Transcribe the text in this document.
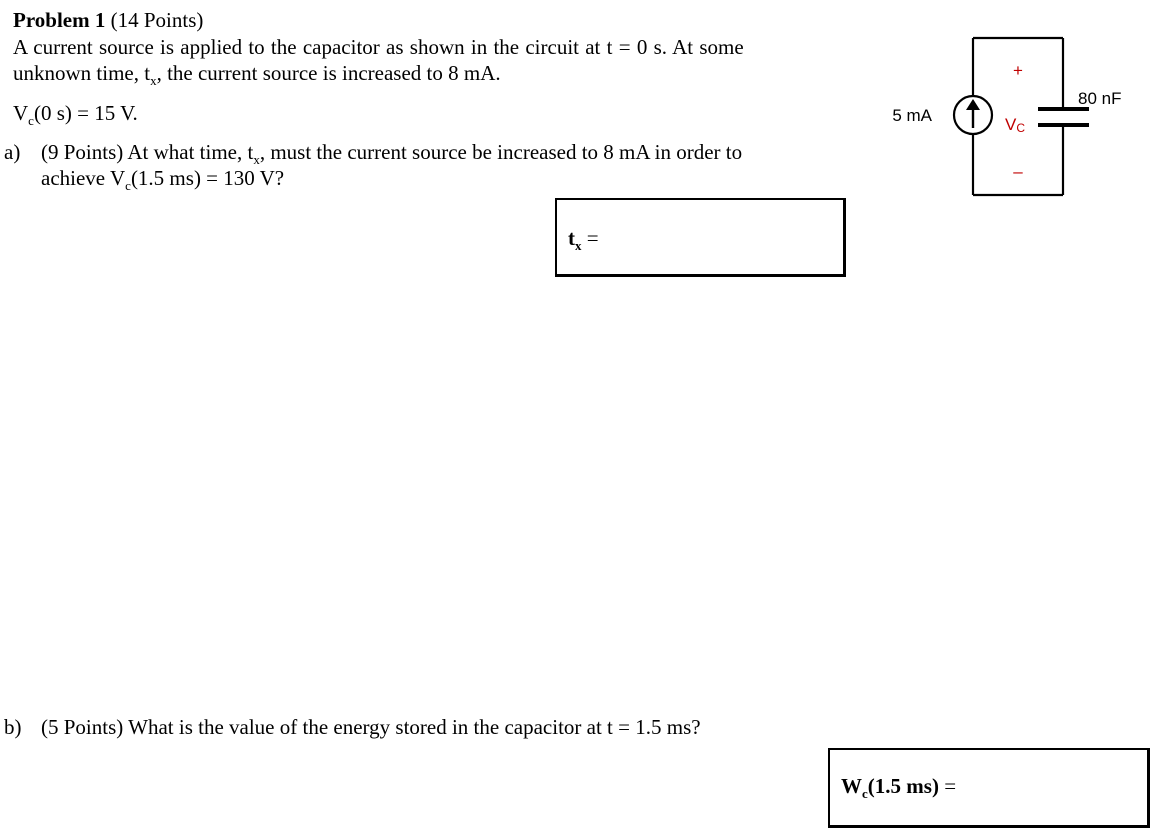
Problem 1 (14 Points)
A current source is applied to the capacitor as shown in the circuit at t = 0 s. At some
unknown time, $t_x$, the current source is increased to 8 mA.
$V_c(0$ s) = 15 V.
a) (9 Points) At what time, $t_x$, must the current source be increased to 8 mA in order to
achieve $V_c(1.5$ ms) = 130 V?
$t_x$ =
b) (5 Points) What is the value of the energy stored in the capacitor at t = 1.5 ms?
$W_c(1.5$ ms) =
5 mA
80 nF
+
–
VC
